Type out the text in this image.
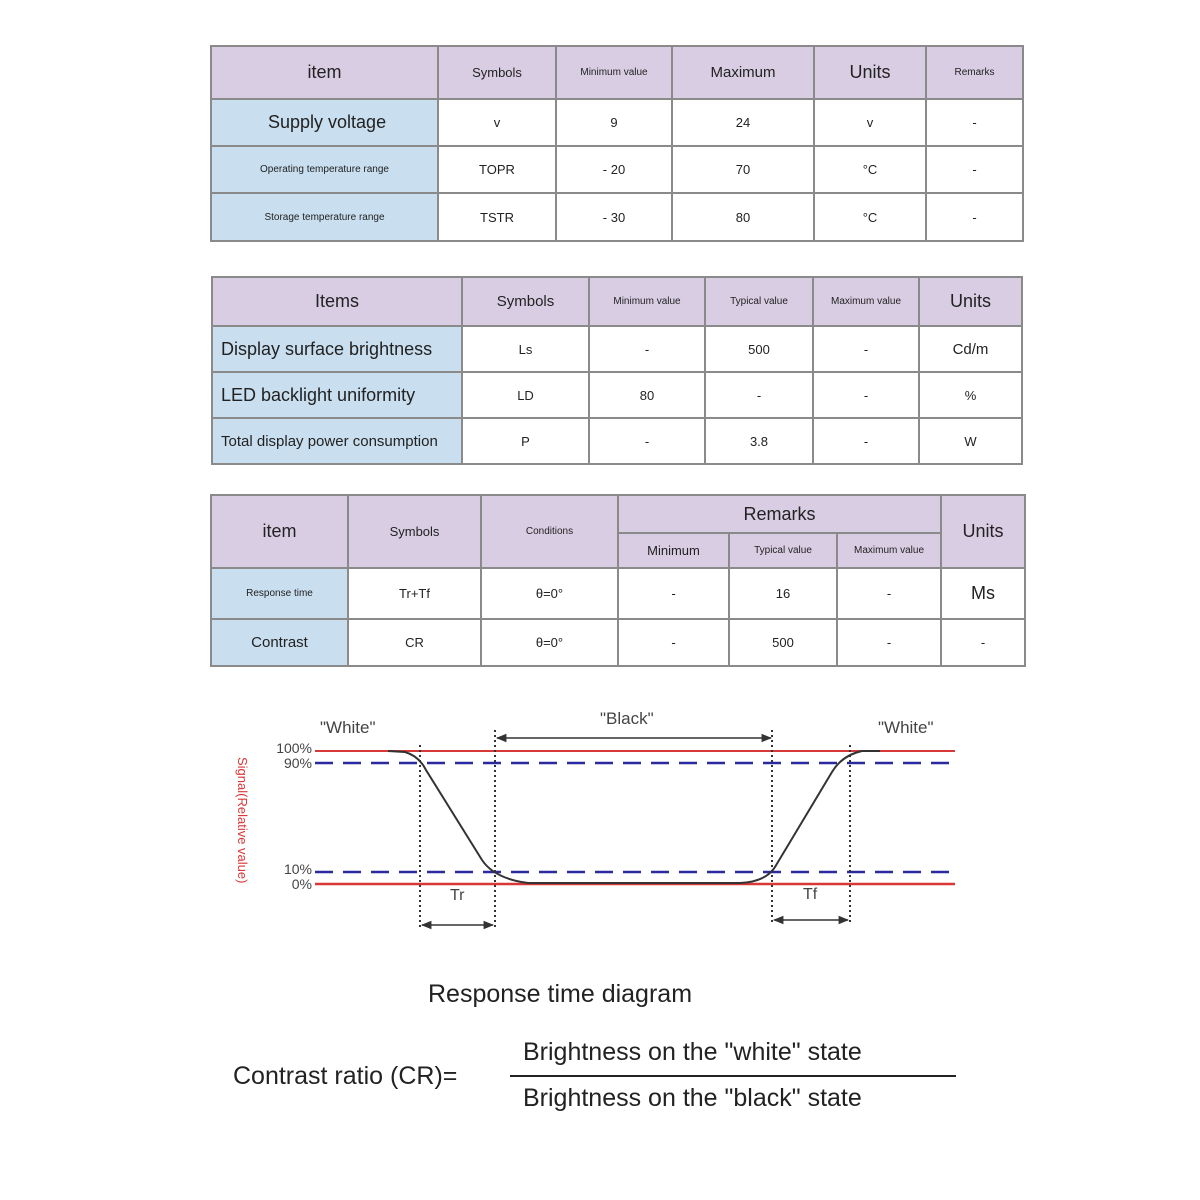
item	Symbols	Minimum value	Maximum	Units	Remarks
Supply voltage	v	9	24	v	-
Operating temperature range	TOPR	- 20	70	°C	-
Storage temperature range	TSTR	- 30	80	°C	-
Items	Symbols	Minimum value	Typical value	Maximum value	Units
Display surface brightness	Ls	-	500	-	Cd/m
LED backlight uniformity	LD	80	-	-	%
Total display power consumption	P	-	3.8	-	W
item	Symbols	Conditions	Remarks			Units
			Minimum	Typical value	Maximum value	
Response time	Tr+Tf	θ=0°	-	16	-	Ms
Contrast	CR	θ=0°	-	500	-	-
"White"	"Black"	"White"
100%
90%
10%
0%
Signal(Relative value)
Tr	Tf
Response time diagram
Contrast ratio (CR)=
Brightness on the "white" state
Brightness on the "black" state
